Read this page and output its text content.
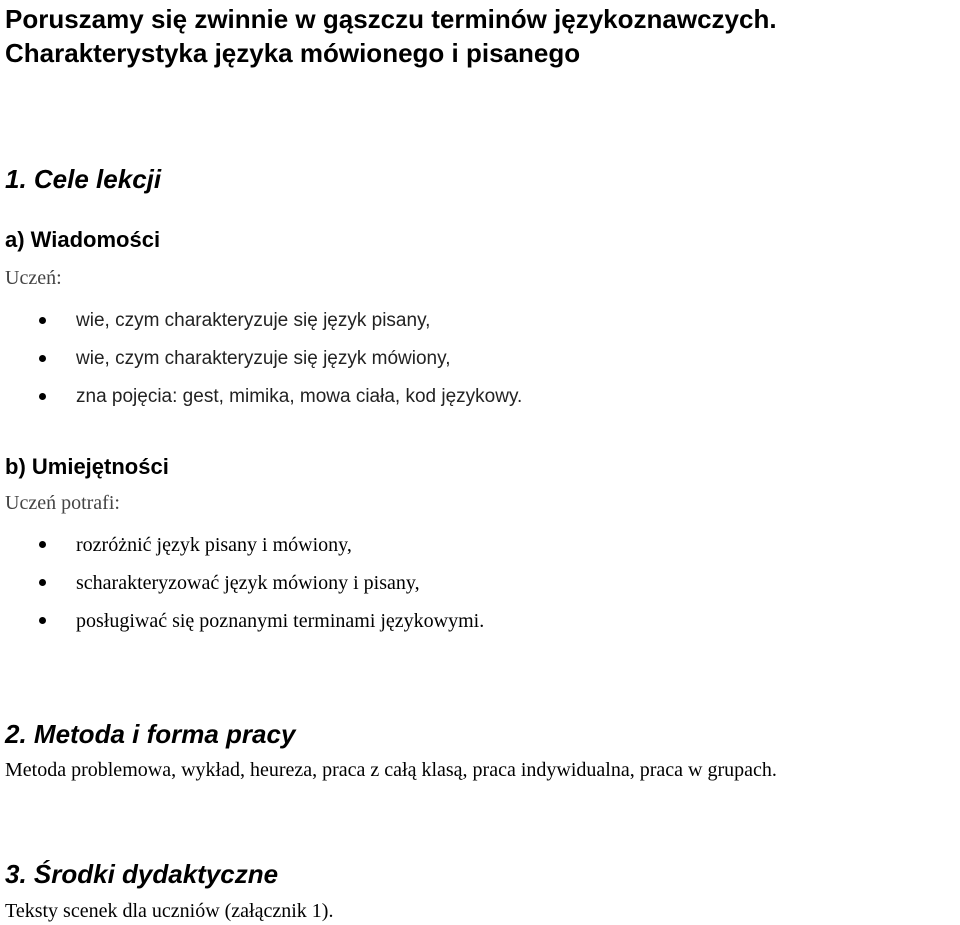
Poruszamy się zwinnie w gąszczu terminów językoznawczych.
Charakterystyka języka mówionego i pisanego
1. Cele lekcji
a) Wiadomości

Uczeń:

wie, czym charakteryzuje się język pisany,
wie, czym charakteryzuje się język mówiony,
zna pojęcia: gest, mimika, mowa ciała, kod językowy.
b) Umiejętności

Uczeń potrafi:

rozróżnić język pisany i mówiony,
scharakteryzować język mówiony i pisany,
posługiwać się poznanymi terminami językowymi.
2. Metoda i forma pracy

Metoda problemowa, wykład, heureza, praca z całą klasą, praca indywidualna, praca w grupach.

3. Środki dydaktyczne

Teksty scenek dla uczniów (załącznik 1).
